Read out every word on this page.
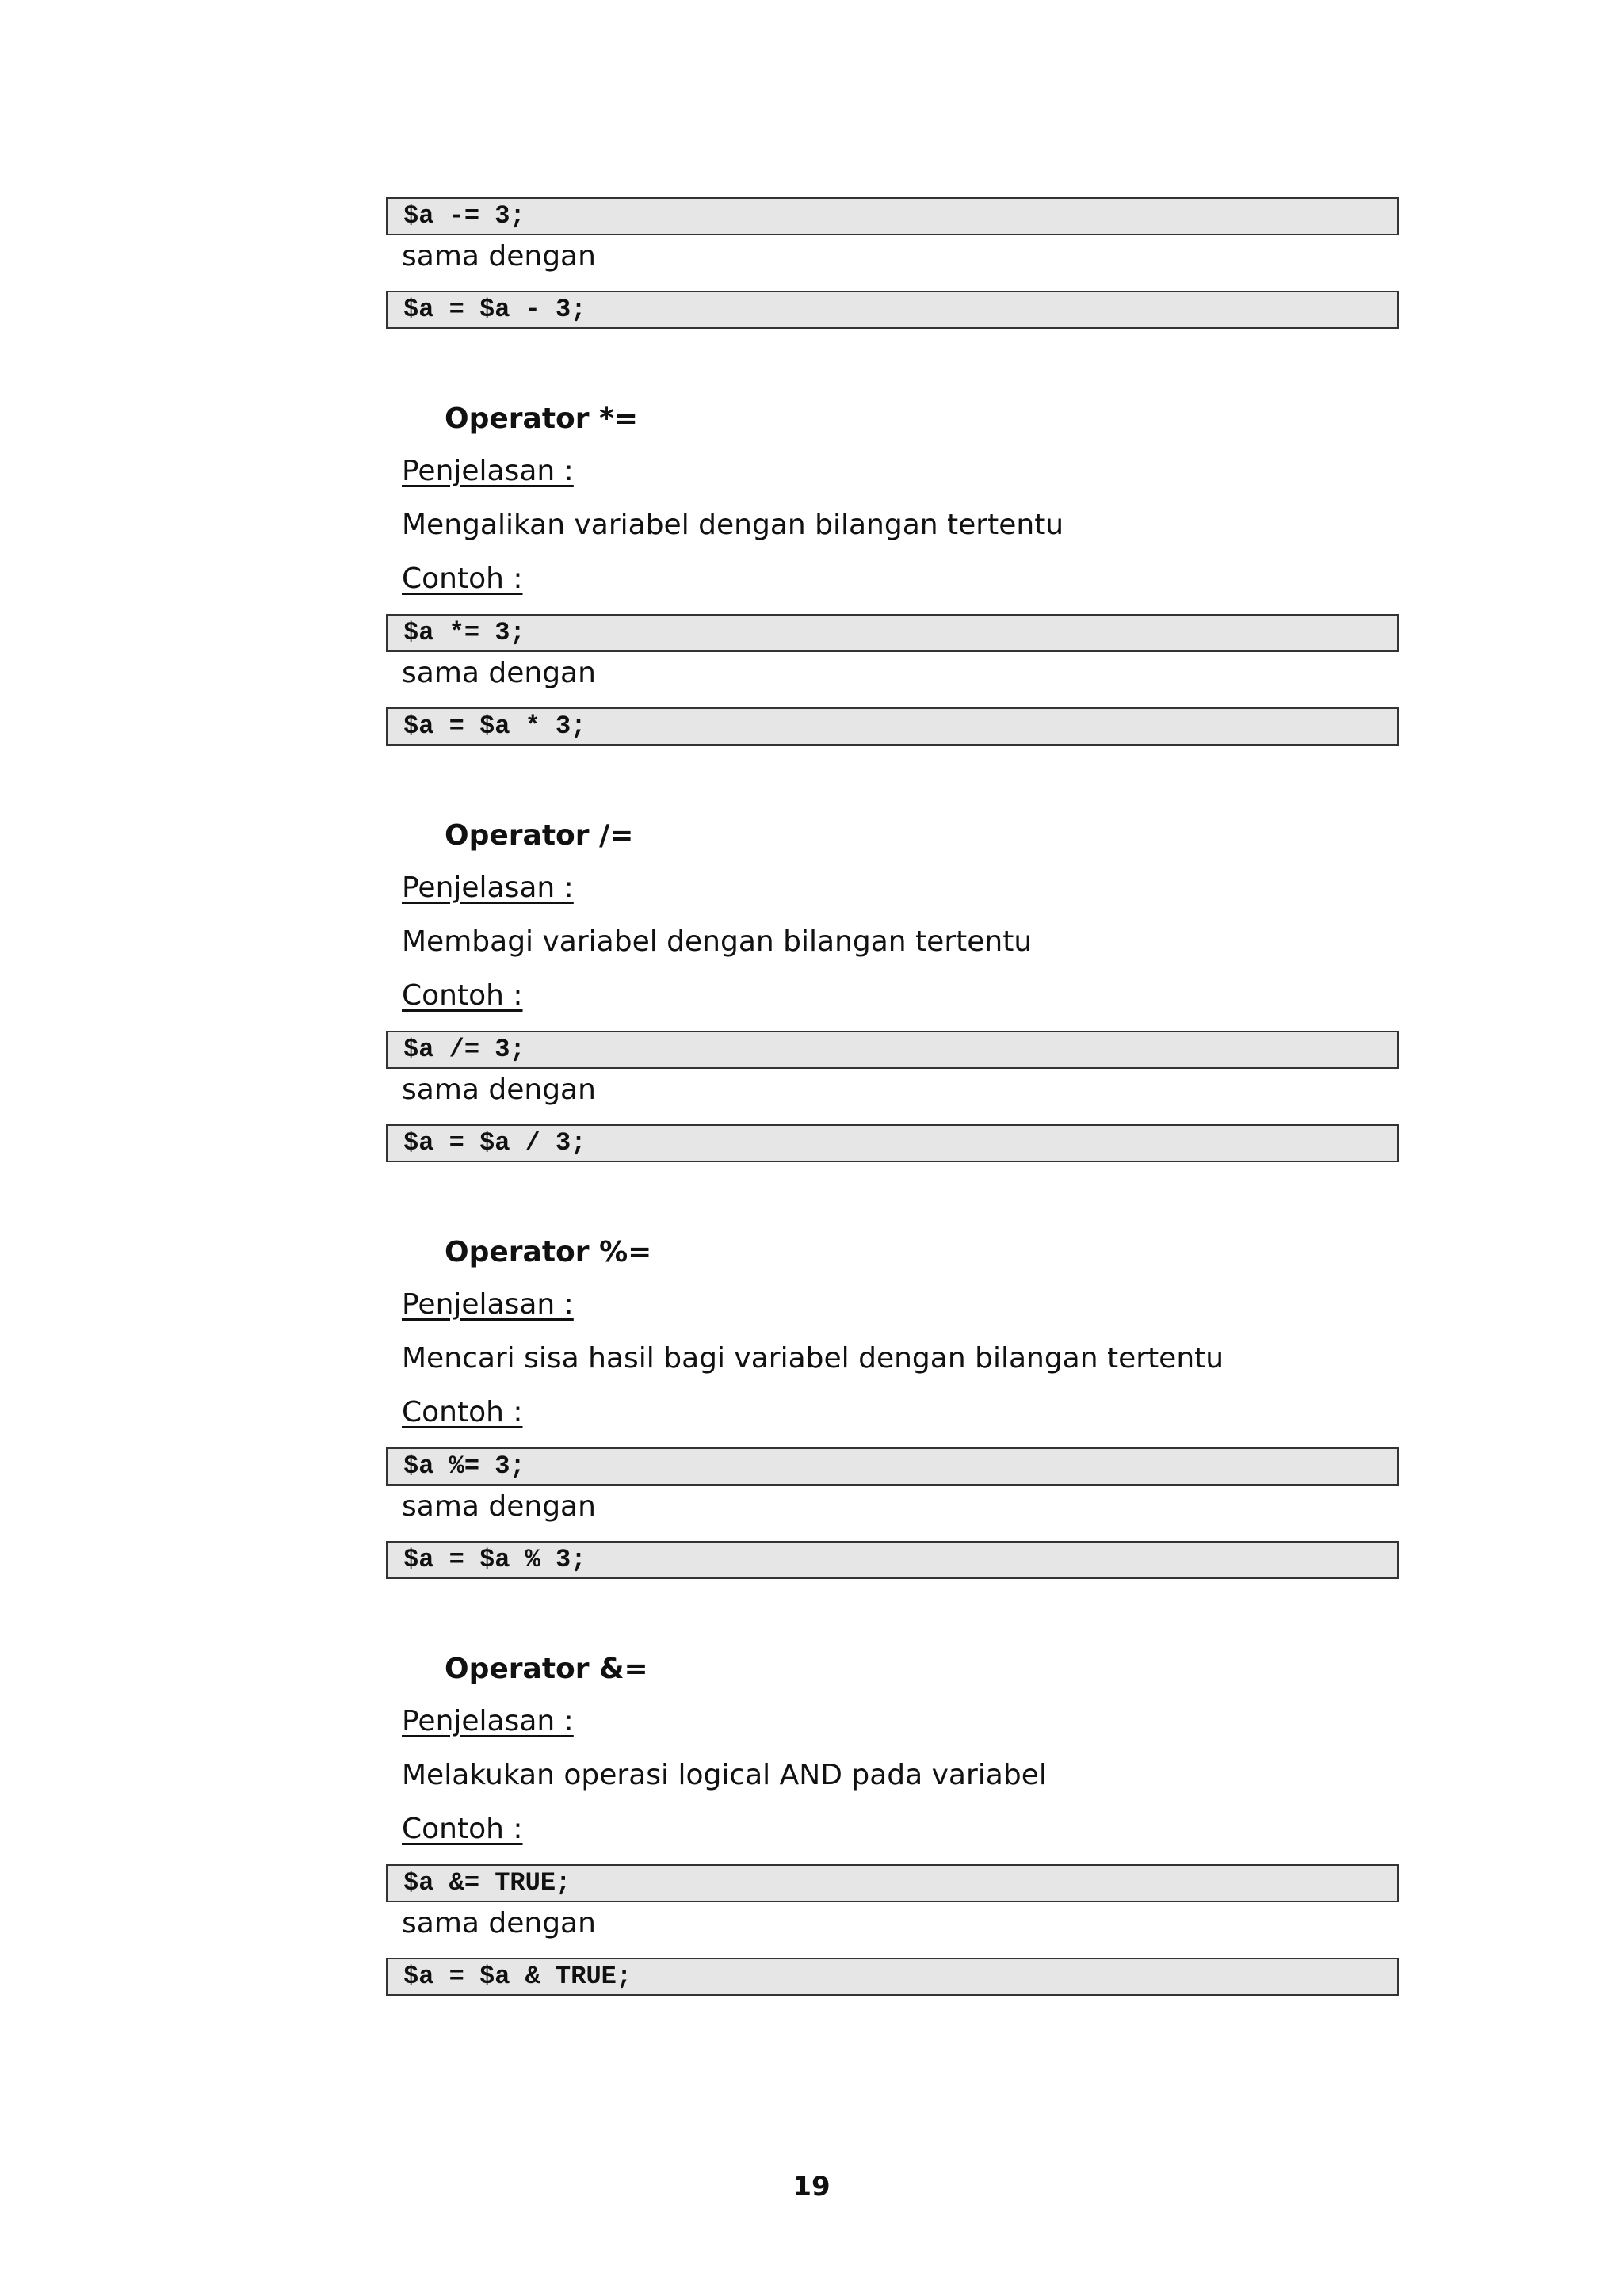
$a -= 3;
sama dengan
$a = $a - 3;
Operator *=
Penjelasan :
Mengalikan variabel dengan bilangan tertentu
Contoh :
$a *= 3;
sama dengan
$a = $a * 3;
Operator /=
Penjelasan :
Membagi variabel dengan bilangan tertentu
Contoh :
$a /= 3;
sama dengan
$a = $a / 3;
Operator %=
Penjelasan :
Mencari sisa hasil bagi variabel dengan bilangan tertentu
Contoh :
$a %= 3;
sama dengan
$a = $a % 3;
Operator &=
Penjelasan :
Melakukan operasi logical AND pada variabel
Contoh :
$a &= TRUE;
sama dengan
$a = $a & TRUE;
19
